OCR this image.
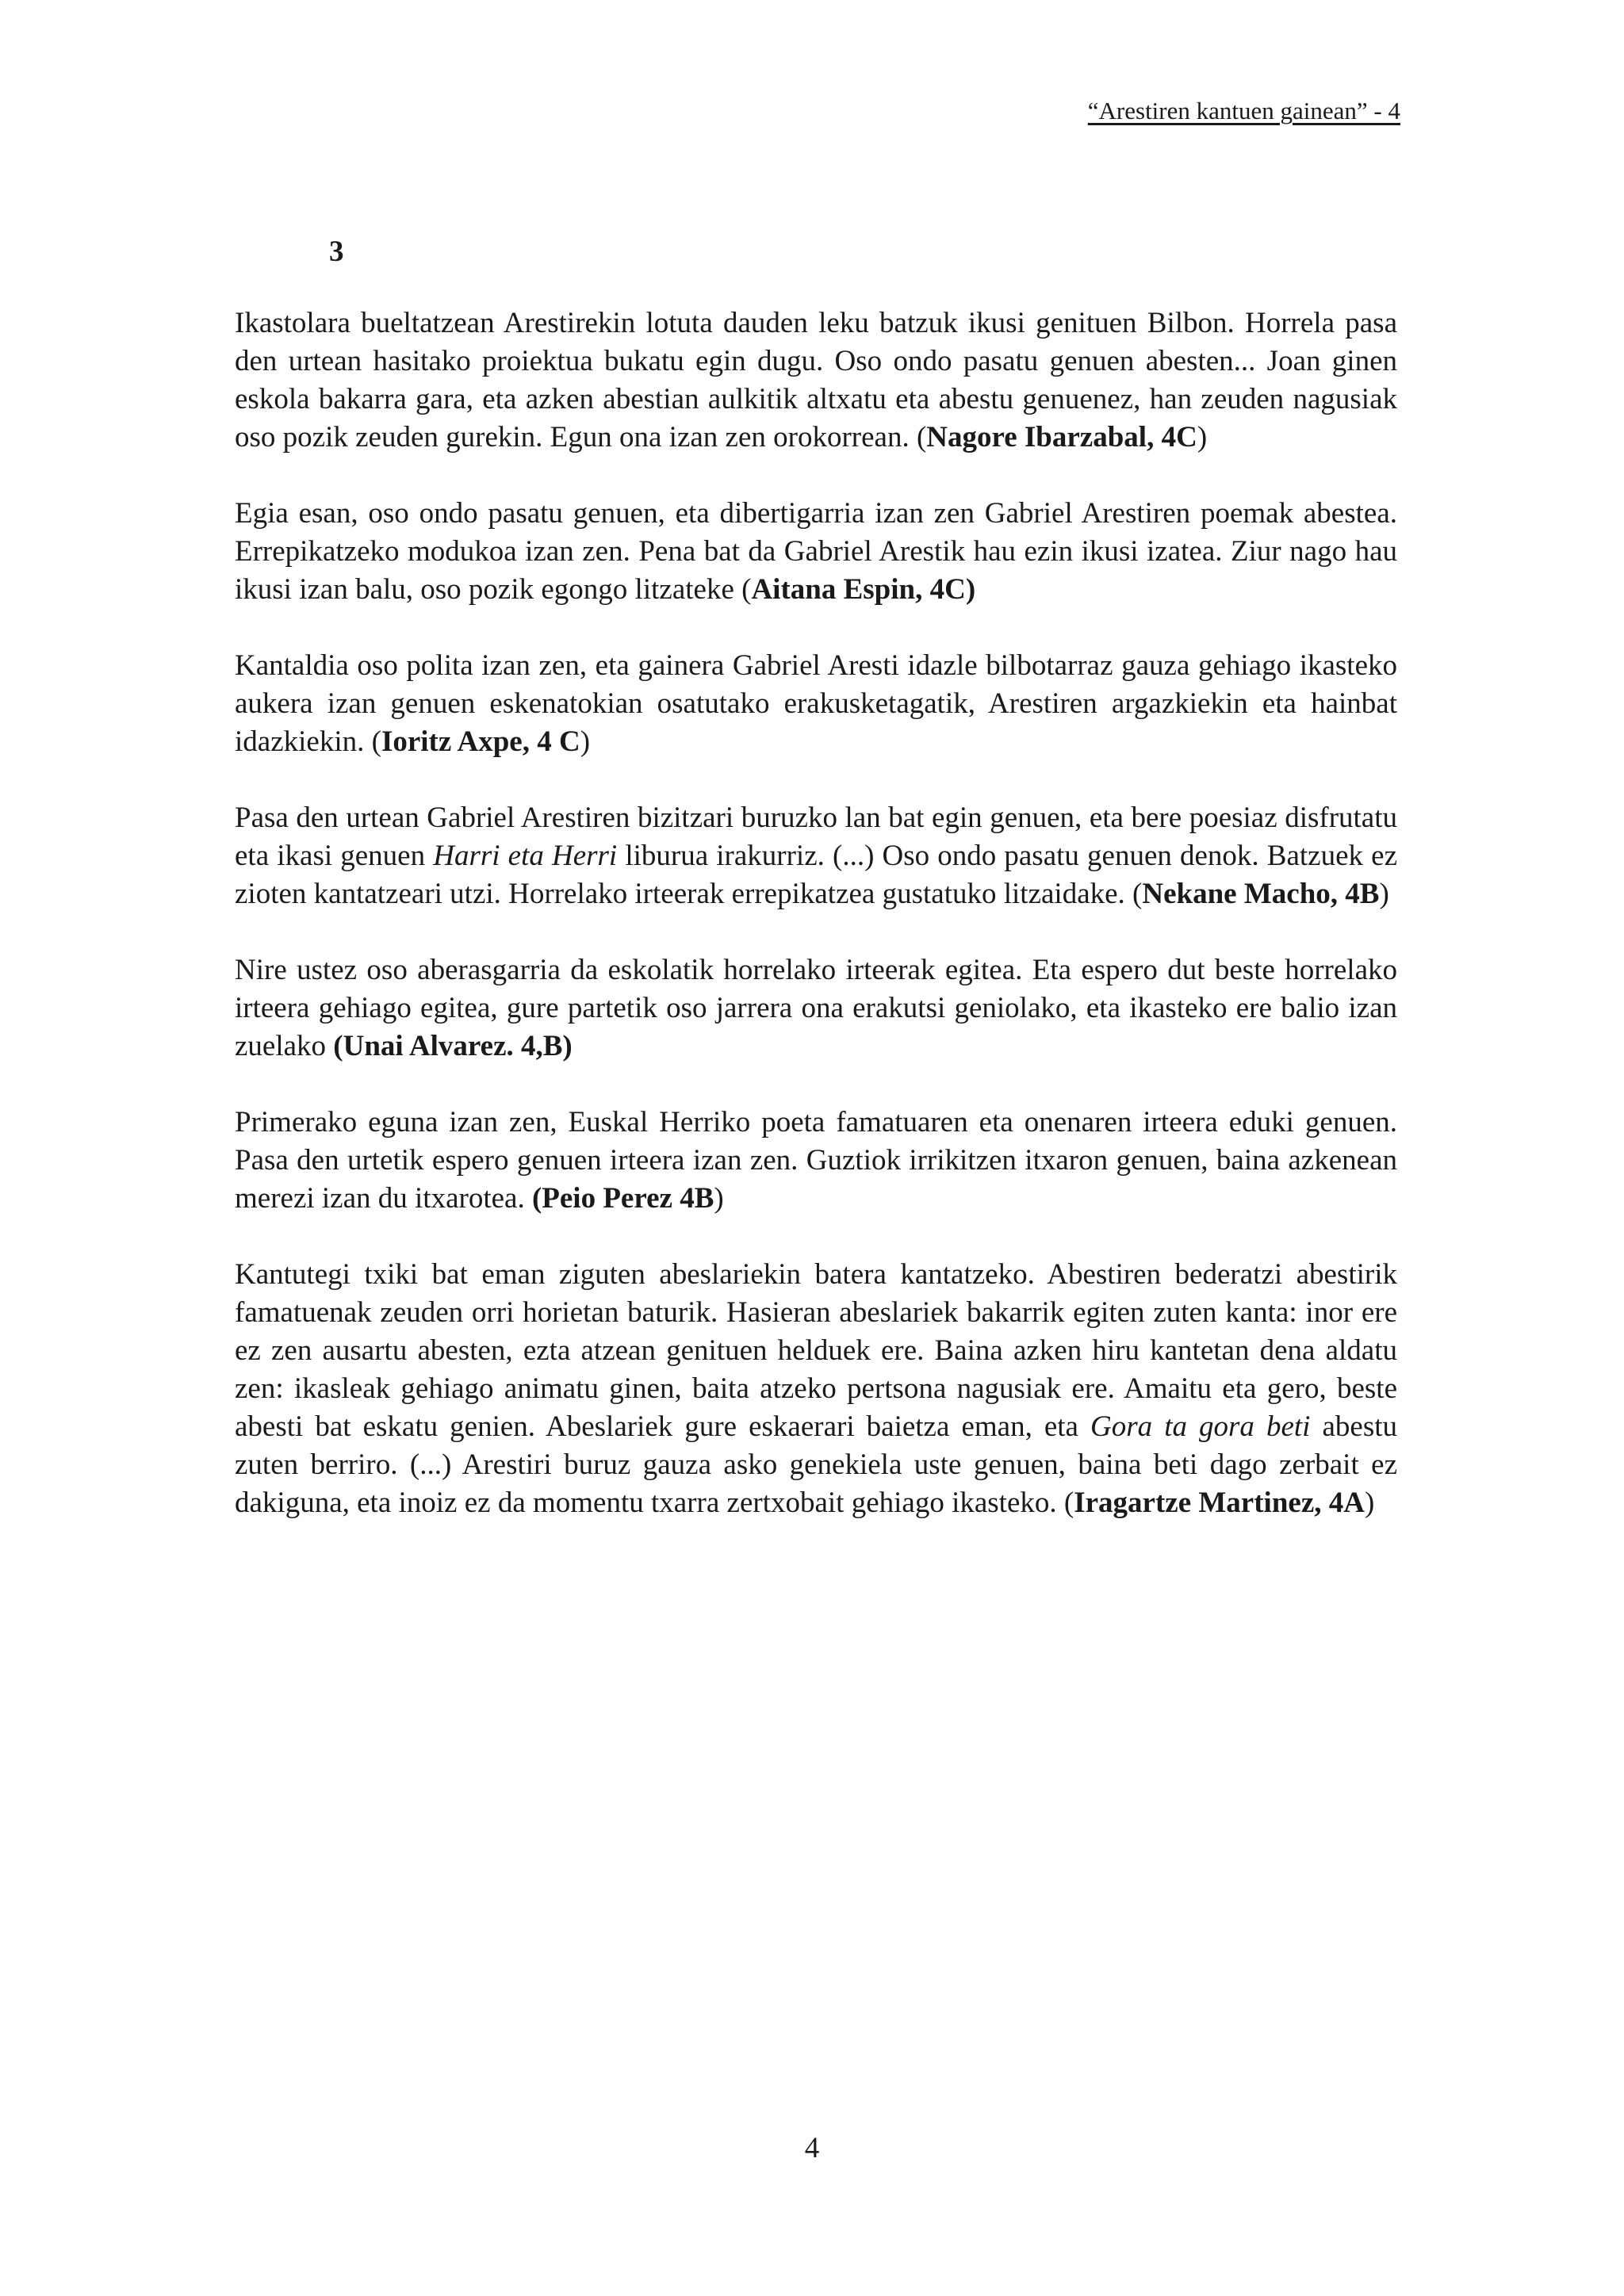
“Arestiren kantuen gainean” - 4
3

Ikastolara bueltatzean Arestirekin lotuta dauden leku batzuk ikusi genituen Bilbon. Horrela pasa den urtean hasitako proiektua bukatu egin dugu. Oso ondo pasatu genuen abesten... Joan ginen eskola bakarra gara, eta azken abestian aulkitik altxatu eta abestu genuenez, han zeuden nagusiak oso pozik zeuden gurekin. Egun ona izan zen orokorrean. (Nagore Ibarzabal, 4C)

Egia esan, oso ondo pasatu genuen, eta dibertigarria izan zen Gabriel Arestiren poemak abestea. Errepikatzeko modukoa izan zen. Pena bat da Gabriel Arestik hau ezin ikusi izatea. Ziur nago hau ikusi izan balu, oso pozik egongo litzateke (Aitana Espin, 4C)

Kantaldia oso polita izan zen, eta gainera Gabriel Aresti idazle bilbotarraz gauza gehiago ikasteko aukera izan genuen eskenatokian osatutako erakusketagatik, Arestiren argazkiekin eta hainbat idazkiekin. (Ioritz Axpe, 4 C)

Pasa den urtean Gabriel Arestiren bizitzari buruzko lan bat egin genuen, eta bere poesiaz disfrutatu eta ikasi genuen Harri eta Herri liburua irakurriz. (...) Oso ondo pasatu genuen denok. Batzuek ez zioten kantatzeari utzi. Horrelako irteerak errepikatzea gustatuko litzaidake. (Nekane Macho, 4B)

Nire ustez oso aberasgarria da eskolatik horrelako irteerak egitea. Eta espero dut beste horrelako irteera gehiago egitea, gure partetik oso jarrera ona erakutsi geniolako, eta ikasteko ere balio izan zuelako (Unai Alvarez. 4,B)

Primerako eguna izan zen, Euskal Herriko poeta famatuaren eta onenaren irteera eduki genuen. Pasa den urtetik espero genuen irteera izan zen. Guztiok irrikitzen itxaron genuen, baina azkenean merezi izan du itxarotea. (Peio Perez 4B)

Kantutegi txiki bat eman ziguten abeslariekin batera kantatzeko. Abestiren bederatzi abestirik famatuenak zeuden orri horietan baturik. Hasieran abeslariek bakarrik egiten zuten kanta: inor ere ez zen ausartu abesten, ezta atzean genituen helduek ere. Baina azken hiru kantetan dena aldatu zen: ikasleak gehiago animatu ginen, baita atzeko pertsona nagusiak ere. Amaitu eta gero, beste abesti bat eskatu genien. Abeslariek gure eskaerari baietza eman, eta Gora ta gora beti abestu zuten berriro. (...) Arestiri buruz gauza asko genekiela uste genuen, baina beti dago zerbait ez dakiguna, eta inoiz ez da momentu txarra zertxobait gehiago ikasteko. (Iragartze Martinez, 4A)

4
